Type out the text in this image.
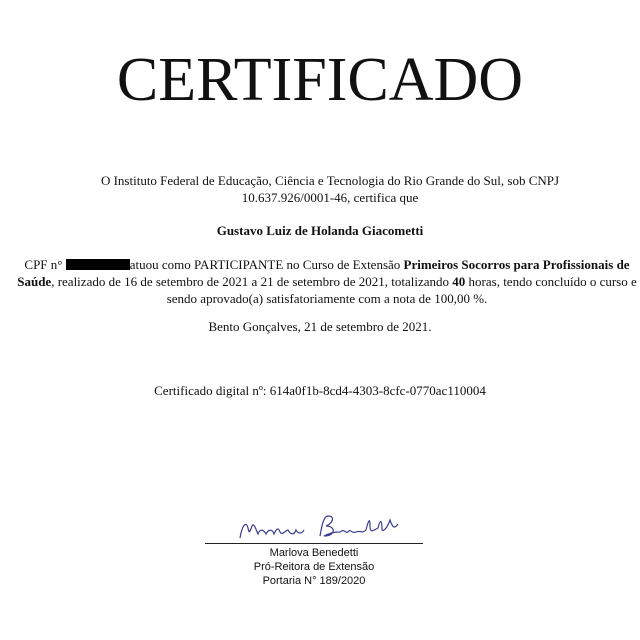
CERTIFICADO
O Instituto Federal de Educação, Ciência e Tecnologia do Rio Grande do Sul, sob CNPJ 10.637.926/0001-46, certifica que
Gustavo Luiz de Holanda Giacometti
CPF n°	atuou como PARTICIPANTE no Curso de Extensão Primeiros Socorros para Profissionais de Saúde, realizado de 16 de setembro de 2021 a 21 de setembro de 2021, totalizando 40 horas, tendo concluído o curso e sendo aprovado(a) satisfatoriamente com a nota de 100,00 %.
Bento Gonçalves, 21 de setembro de 2021.
Certificado digital nº: 614a0f1b-8cd4-4303-8cfc-0770ac110004
Marlova Benedetti
Pró-Reitora de Extensão
Portaria N° 189/2020
